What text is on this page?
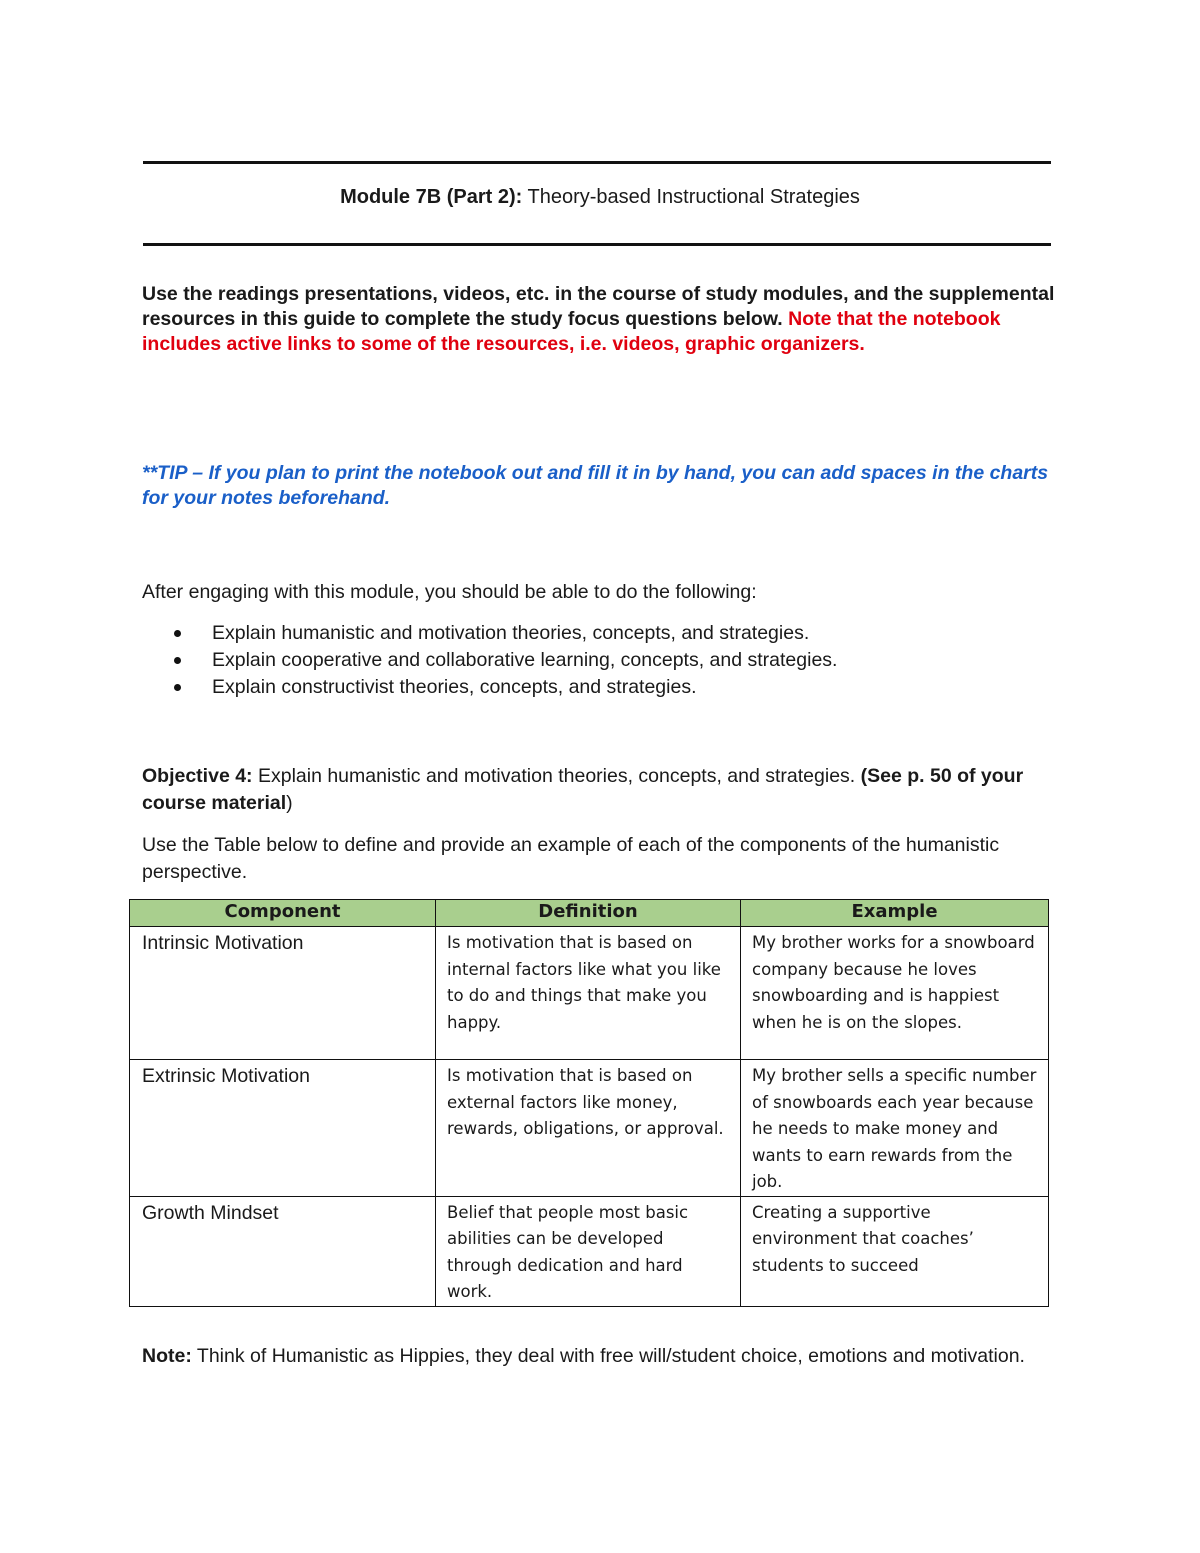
Module 7B (Part 2): Theory-based Instructional Strategies
Use the readings presentations, videos, etc. in the course of study modules, and the supplemental resources in this guide to complete the study focus questions below. Note that the notebook includes active links to some of the resources, i.e. videos, graphic organizers.
**TIP – If you plan to print the notebook out and fill it in by hand, you can add spaces in the charts for your notes beforehand.
After engaging with this module, you should be able to do the following:
Explain humanistic and motivation theories, concepts, and strategies.
Explain cooperative and collaborative learning, concepts, and strategies.
Explain constructivist theories, concepts, and strategies.
Objective 4: Explain humanistic and motivation theories, concepts, and strategies. (See p. 50 of your course material)
Use the Table below to define and provide an example of each of the components of the humanistic perspective.
Component	Definition	Example
Intrinsic Motivation	Is motivation that is based on internal factors like what you like to do and things that make you happy.	My brother works for a snowboard company because he loves snowboarding and is happiest when he is on the slopes.
Extrinsic Motivation	Is motivation that is based on external factors like money, rewards, obligations, or approval.	My brother sells a specific number of snowboards each year because he needs to make money and wants to earn rewards from the job.
Growth Mindset	Belief that people most basic abilities can be developed through dedication and hard work.	Creating a supportive environment that coaches’ students to succeed
Note: Think of Humanistic as Hippies, they deal with free will/student choice, emotions and motivation.
